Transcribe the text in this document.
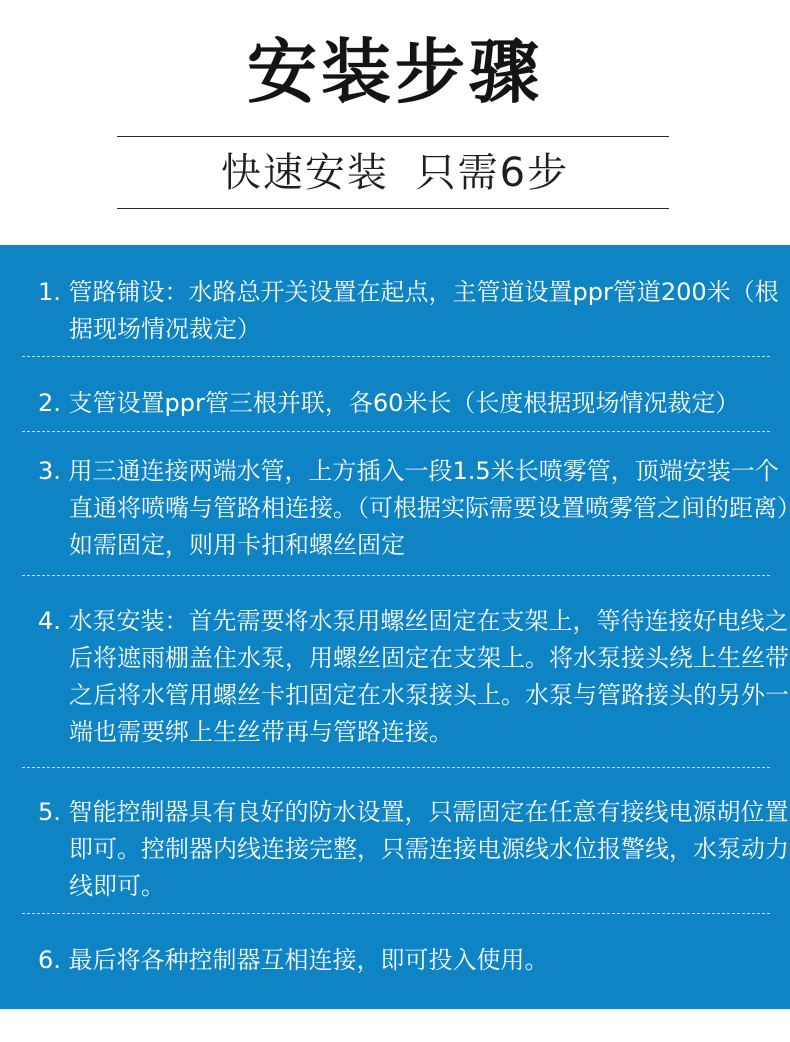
安装步骤
快速安装 只需6步
1. 管路铺设：水路总开关设置在起点，主管道设置ppr管道200米（根据现场情况裁定）
2. 支管设置ppr管三根并联，各60米长（长度根据现场情况裁定）
3. 用三通连接两端水管，上方插入一段1.5米长喷雾管，顶端安装一个直通将喷嘴与管路相连接。（可根据实际需要设置喷雾管之间的距离）如需固定，则用卡扣和螺丝固定
4. 水泵安装：首先需要将水泵用螺丝固定在支架上，等待连接好电线之后将遮雨棚盖住水泵，用螺丝固定在支架上。将水泵接头绕上生丝带之后将水管用螺丝卡扣固定在水泵接头上。水泵与管路接头的另外一端也需要绑上生丝带再与管路连接。
5. 智能控制器具有良好的防水设置，只需固定在任意有接线电源胡位置即可。控制器内线连接完整，只需连接电源线水位报警线，水泵动力线即可。
6. 最后将各种控制器互相连接，即可投入使用。
